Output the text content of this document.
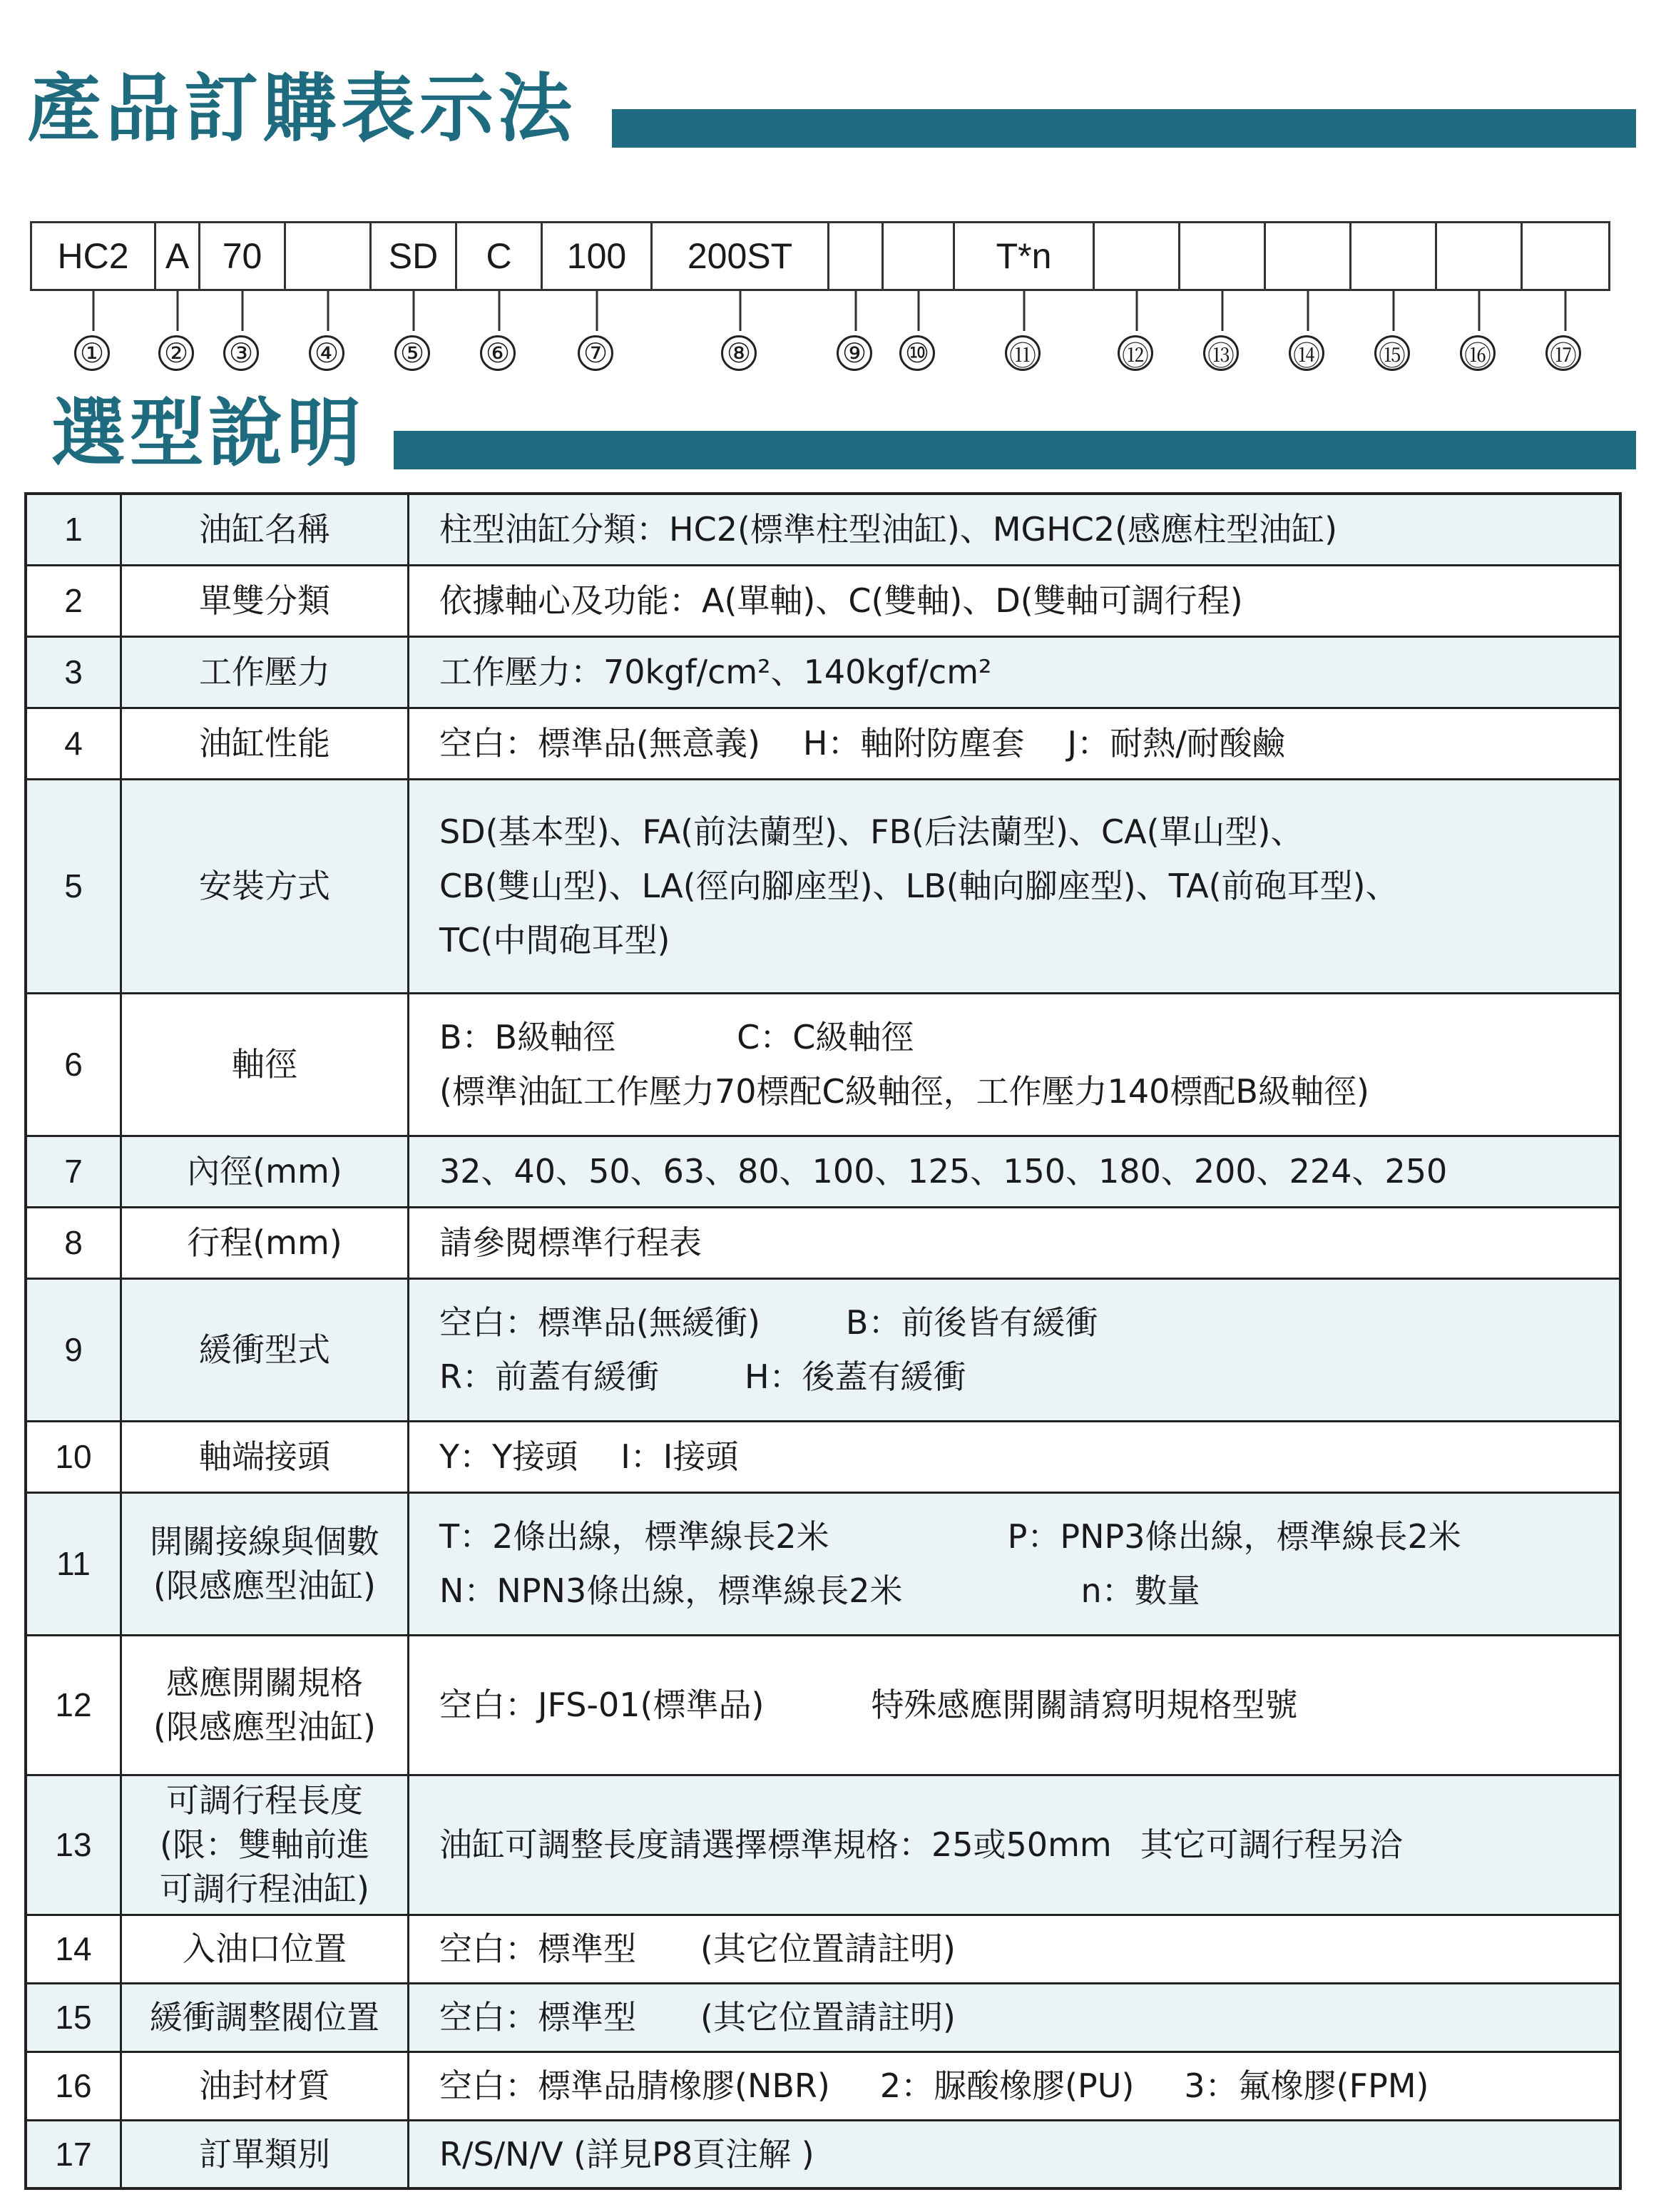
產品訂購表示法
HC2	A 70	SD	C	100	200ST	T*n
① ② ③ ④ ⑤ ⑥	⑦	⑧	⑨ ⑩	⑪	⑫ ⑬ ⑭ ⑮ ⑯ ⑰
選型說明
1	油缸名稱	柱型油缸分類：HC2(標準柱型油缸)、MGHC2(感應柱型油缸)

2	單雙分類	依據軸心及功能：A(單軸)、C(雙軸)、D(雙軸可調行程)

3	工作壓力	工作壓力：70kgf/cm²、140kgf/cm²

4	油缸性能	空白：標準品(無意義) H：軸附防塵套 J：耐熱/耐酸鹼

5	安裝方式	SD(基本型)、FA(前法蘭型)、FB(后法蘭型)、CA(單山型)、
CB(雙山型)、LA(徑向腳座型)、LB(軸向腳座型)、TA(前砲耳型)、
TC(中間砲耳型)

6	軸徑	B：B級軸徑 C：C級軸徑
(標準油缸工作壓力70標配C級軸徑，工作壓力140標配B級軸徑)

7	內徑(mm)	32、40、50、63、80、100、125、150、180、200、224、250

8	行程(mm)	請參閱標準行程表

9	緩衝型式	空白：標準品(無緩衝) B：前後皆有緩衝
R：前蓋有緩衝 H：後蓋有緩衝

10	軸端接頭	Y：Y接頭 I：I接頭

11	開關接線與個數
(限感應型油缸)	T：2條出線，標準線長2米 P：PNP3條出線，標準線長2米
N：NPN3條出線，標準線長2米 n：數量

12	感應開關規格
(限感應型油缸)	空白：JFS-01(標準品) 特殊感應開關請寫明規格型號

13	可調行程長度
(限：雙軸前進
可調行程油缸)	油缸可調整長度請選擇標準規格：25或50mm 其它可調行程另洽

14	入油口位置	空白：標準型 (其它位置請註明)

15	緩衝調整閥位置	空白：標準型 (其它位置請註明)

16	油封材質	空白：標準品腈橡膠(NBR) 2：脲酸橡膠(PU) 3：氟橡膠(FPM)

17	訂單類別	R/S/N/V (詳見P8頁注解 )
